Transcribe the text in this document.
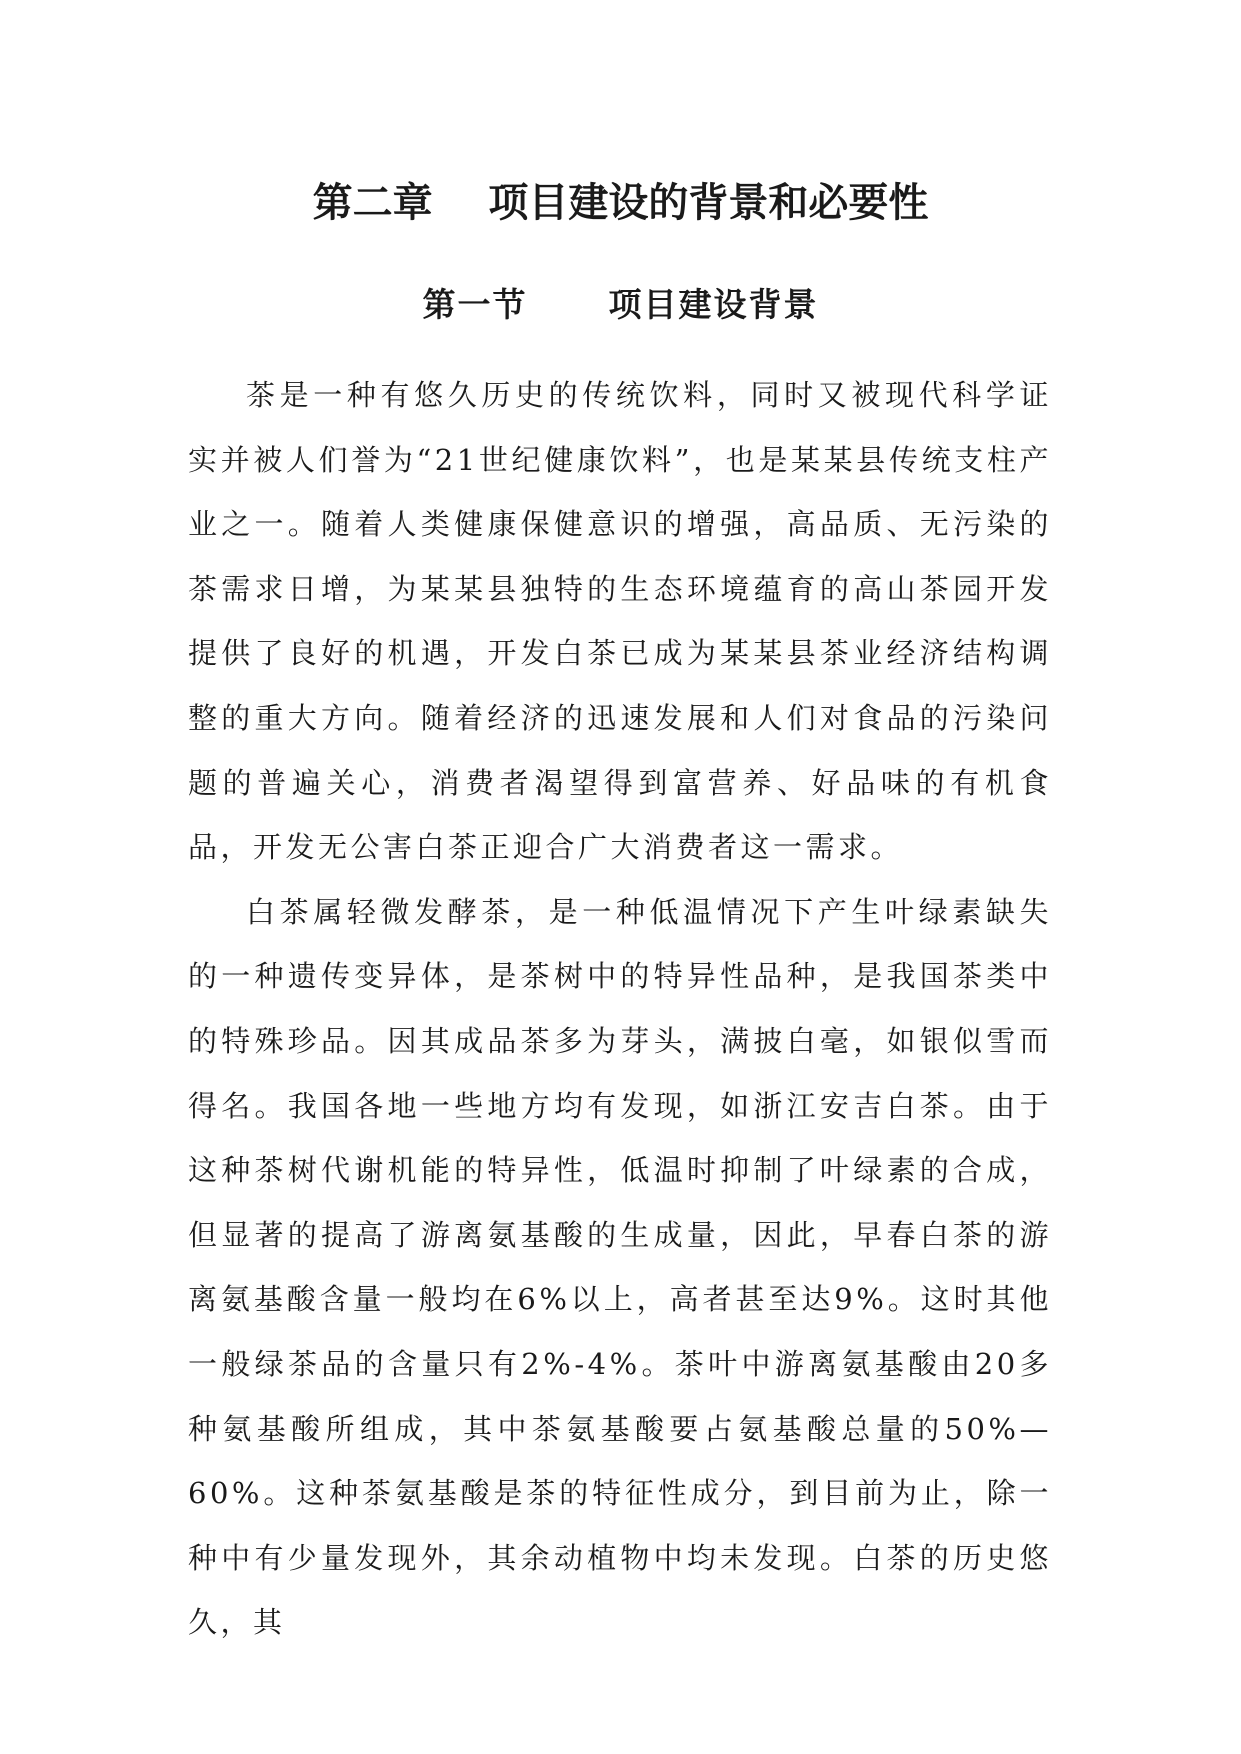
第二章    项目建设的背景和必要性
第一节      项目建设背景

茶是一种有悠久历史的传统饮料，同时又被现代科学证实并被人们誉为“21世纪健康饮料”，也是某某县传统支柱产业之一。随着人类健康保健意识的增强，高品质、无污染的茶需求日增，为某某县独特的生态环境蕴育的高山茶园开发提供了良好的机遇，开发白茶已成为某某县茶业经济结构调整的重大方向。随着经济的迅速发展和人们对食品的污染问题的普遍关心，消费者渴望得到富营养、好品味的有机食品，开发无公害白茶正迎合广大消费者这一需求。

白茶属轻微发酵茶，是一种低温情况下产生叶绿素缺失的一种遗传变异体，是茶树中的特异性品种，是我国茶类中的特殊珍品。因其成品茶多为芽头，满披白毫，如银似雪而得名。我国各地一些地方均有发现，如浙江安吉白茶。由于这种茶树代谢机能的特异性，低温时抑制了叶绿素的合成，但显著的提高了游离氨基酸的生成量，因此，早春白茶的游离氨基酸含量一般均在6%以上，高者甚至达9%。这时其他一般绿茶品的含量只有2%-4%。茶叶中游离氨基酸由20多种氨基酸所组成，其中茶氨基酸要占氨基酸总量的50%—60%。这种茶氨基酸是茶的特征性成分，到目前为止，除一种中有少量发现外，其余动植物中均未发现。白茶的历史悠久，其
